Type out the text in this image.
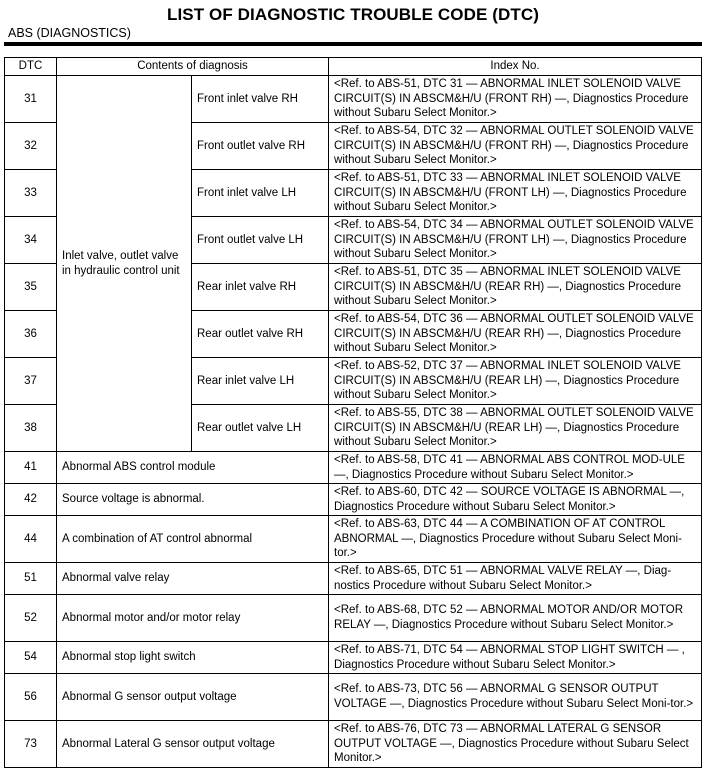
LIST OF DIAGNOSTIC TROUBLE CODE (DTC)
ABS (DIAGNOSTICS)
DTC	Contents of diagnosis		Index No.
31	Inlet valve, outlet valve in hydraulic control unit	Front inlet valve RH	<Ref. to ABS-51, DTC 31 — ABNORMAL INLET SOLENOID VALVE CIRCUIT(S) IN ABSCM&H/U (FRONT RH) —, Diagnostics Procedure without Subaru Select Monitor.>
32		Front outlet valve RH	<Ref. to ABS-54, DTC 32 — ABNORMAL OUTLET SOLENOID VALVE CIRCUIT(S) IN ABSCM&H/U (FRONT RH) —, Diagnostics Procedure without Subaru Select Monitor.>
33		Front inlet valve LH	<Ref. to ABS-51, DTC 33 — ABNORMAL INLET SOLENOID VALVE CIRCUIT(S) IN ABSCM&H/U (FRONT LH) —, Diagnostics Procedure without Subaru Select Monitor.>
34		Front outlet valve LH	<Ref. to ABS-54, DTC 34 — ABNORMAL OUTLET SOLENOID VALVE CIRCUIT(S) IN ABSCM&H/U (FRONT LH) —, Diagnostics Procedure without Subaru Select Monitor.>
35		Rear inlet valve RH	<Ref. to ABS-51, DTC 35 — ABNORMAL INLET SOLENOID VALVE CIRCUIT(S) IN ABSCM&H/U (REAR RH) —, Diagnostics Procedure without Subaru Select Monitor.>
36		Rear outlet valve RH	<Ref. to ABS-54, DTC 36 — ABNORMAL OUTLET SOLENOID VALVE CIRCUIT(S) IN ABSCM&H/U (REAR RH) —, Diagnostics Procedure without Subaru Select Monitor.>
37		Rear inlet valve LH	<Ref. to ABS-52, DTC 37 — ABNORMAL INLET SOLENOID VALVE CIRCUIT(S) IN ABSCM&H/U (REAR LH) —, Diagnostics Procedure without Subaru Select Monitor.>
38		Rear outlet valve LH	<Ref. to ABS-55, DTC 38 — ABNORMAL OUTLET SOLENOID VALVE CIRCUIT(S) IN ABSCM&H/U (REAR LH) —, Diagnostics Procedure without Subaru Select Monitor.>
41	Abnormal ABS control module		<Ref. to ABS-58, DTC 41 — ABNORMAL ABS CONTROL MOD-ULE —, Diagnostics Procedure without Subaru Select Monitor.>
42	Source voltage is abnormal.		<Ref. to ABS-60, DTC 42 — SOURCE VOLTAGE IS ABNORMAL —, Diagnostics Procedure without Subaru Select Monitor.>
44	A combination of AT control abnormal		<Ref. to ABS-63, DTC 44 — A COMBINATION OF AT CONTROL ABNORMAL —, Diagnostics Procedure without Subaru Select Moni-tor.>
51	Abnormal valve relay		<Ref. to ABS-65, DTC 51 — ABNORMAL VALVE RELAY —, Diag-nostics Procedure without Subaru Select Monitor.>
52	Abnormal motor and/or motor relay		<Ref. to ABS-68, DTC 52 — ABNORMAL MOTOR AND/OR MOTOR RELAY —, Diagnostics Procedure without Subaru Select Monitor.>
54	Abnormal stop light switch		<Ref. to ABS-71, DTC 54 — ABNORMAL STOP LIGHT SWITCH — , Diagnostics Procedure without Subaru Select Monitor.>
56	Abnormal G sensor output voltage		<Ref. to ABS-73, DTC 56 — ABNORMAL G SENSOR OUTPUT VOLTAGE —, Diagnostics Procedure without Subaru Select Moni-tor.>
73	Abnormal Lateral G sensor output voltage		<Ref. to ABS-76, DTC 73 — ABNORMAL LATERAL G SENSOR OUTPUT VOLTAGE —, Diagnostics Procedure without Subaru Select Monitor.>
